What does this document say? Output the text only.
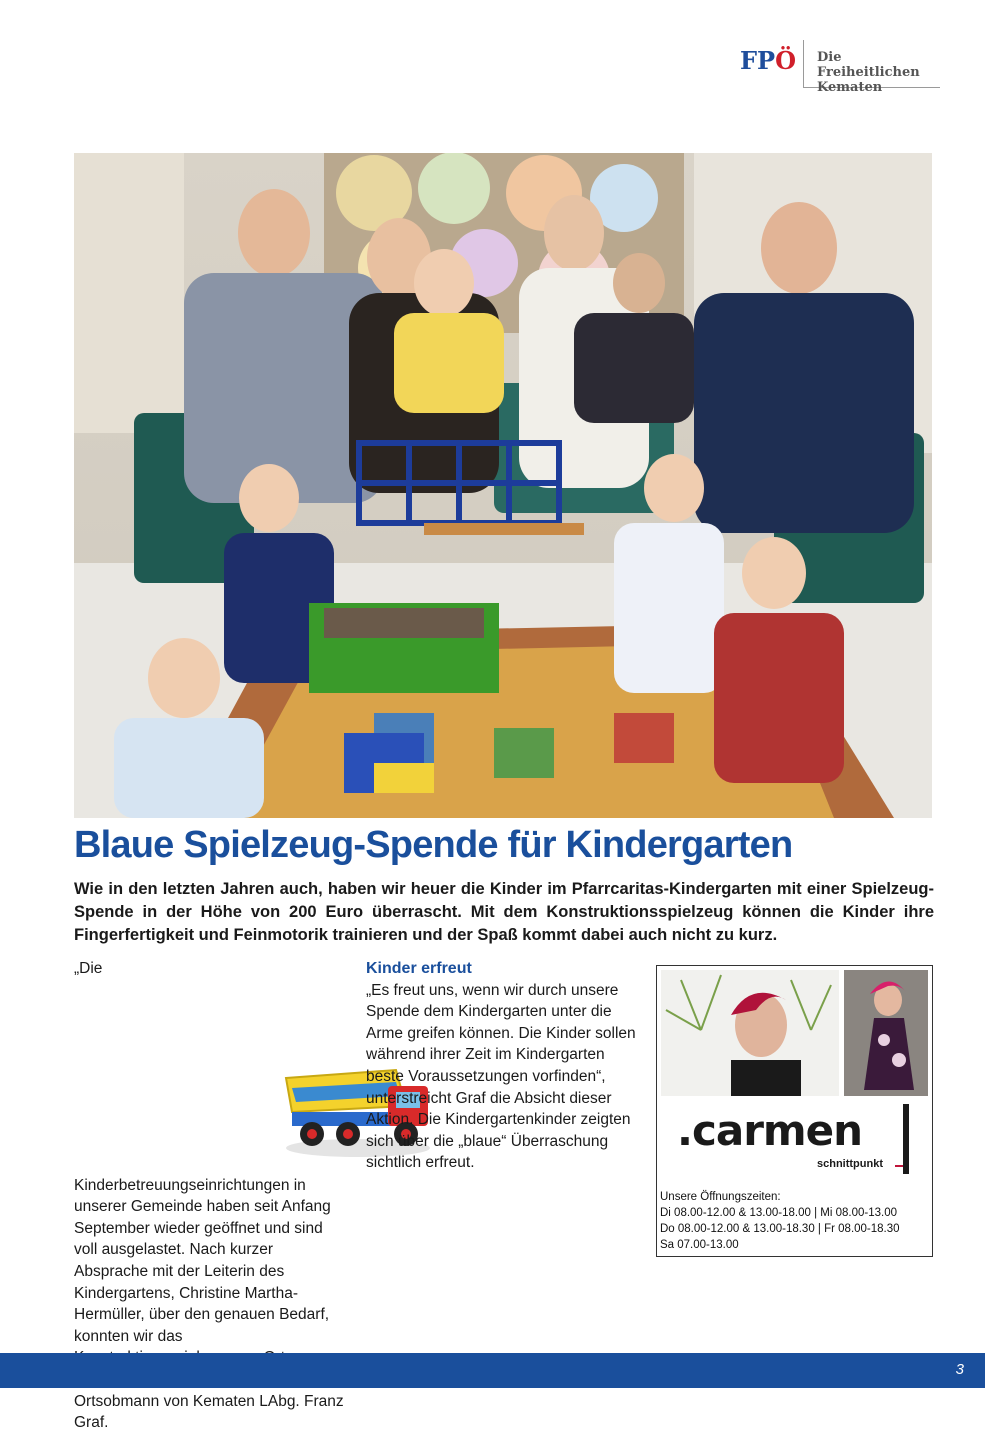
FPÖ Die Freiheitlichen
Kematen
Blaue Spielzeug-Spende für Kindergarten
Wie in den letzten Jahren auch, haben wir heuer die Kinder im Pfarrcaritas-Kindergarten mit einer Spielzeug-Spende in der Höhe von 200 Euro überrascht. Mit dem Konstruktionsspielzeug können die Kinder ihre Fingerfertigkeit und Feinmotorik trainieren und der Spaß kommt dabei auch nicht zu kurz.
„Die Kinderbetreuungseinrichtungen in unserer Gemeinde haben seit Anfang September wieder geöffnet und sind voll ausgelastet. Nach kurzer Absprache mit der Leiterin des Kindergartens, Christine Martha-Hermüller, über den genauen Bedarf, konnten wir das Ortsobmann von Kematen LAbg. Franz Graf.
Kinder erfreut
„Es freut uns, wenn wir durch unsere Spende dem Kindergarten unter die Arme greifen können. Die Kinder sollen während ihrer Zeit im Kindergarten beste Voraussetzungen vorfinden“, unterstreicht Graf die Absicht dieser Aktion. Die Kindergartenkinder zeigten sich über die „blaue“ Überraschung sichtlich erfreut.
.carmen
schnittpunkt
Unsere Öffnungszeiten:
Di 08.00-12.00 & 13.00-18.00 | Mi 08.00-13.00
Do 08.00-12.00 & 13.00-18.30 | Fr 08.00-18.30
Sa 07.00-13.00
3
